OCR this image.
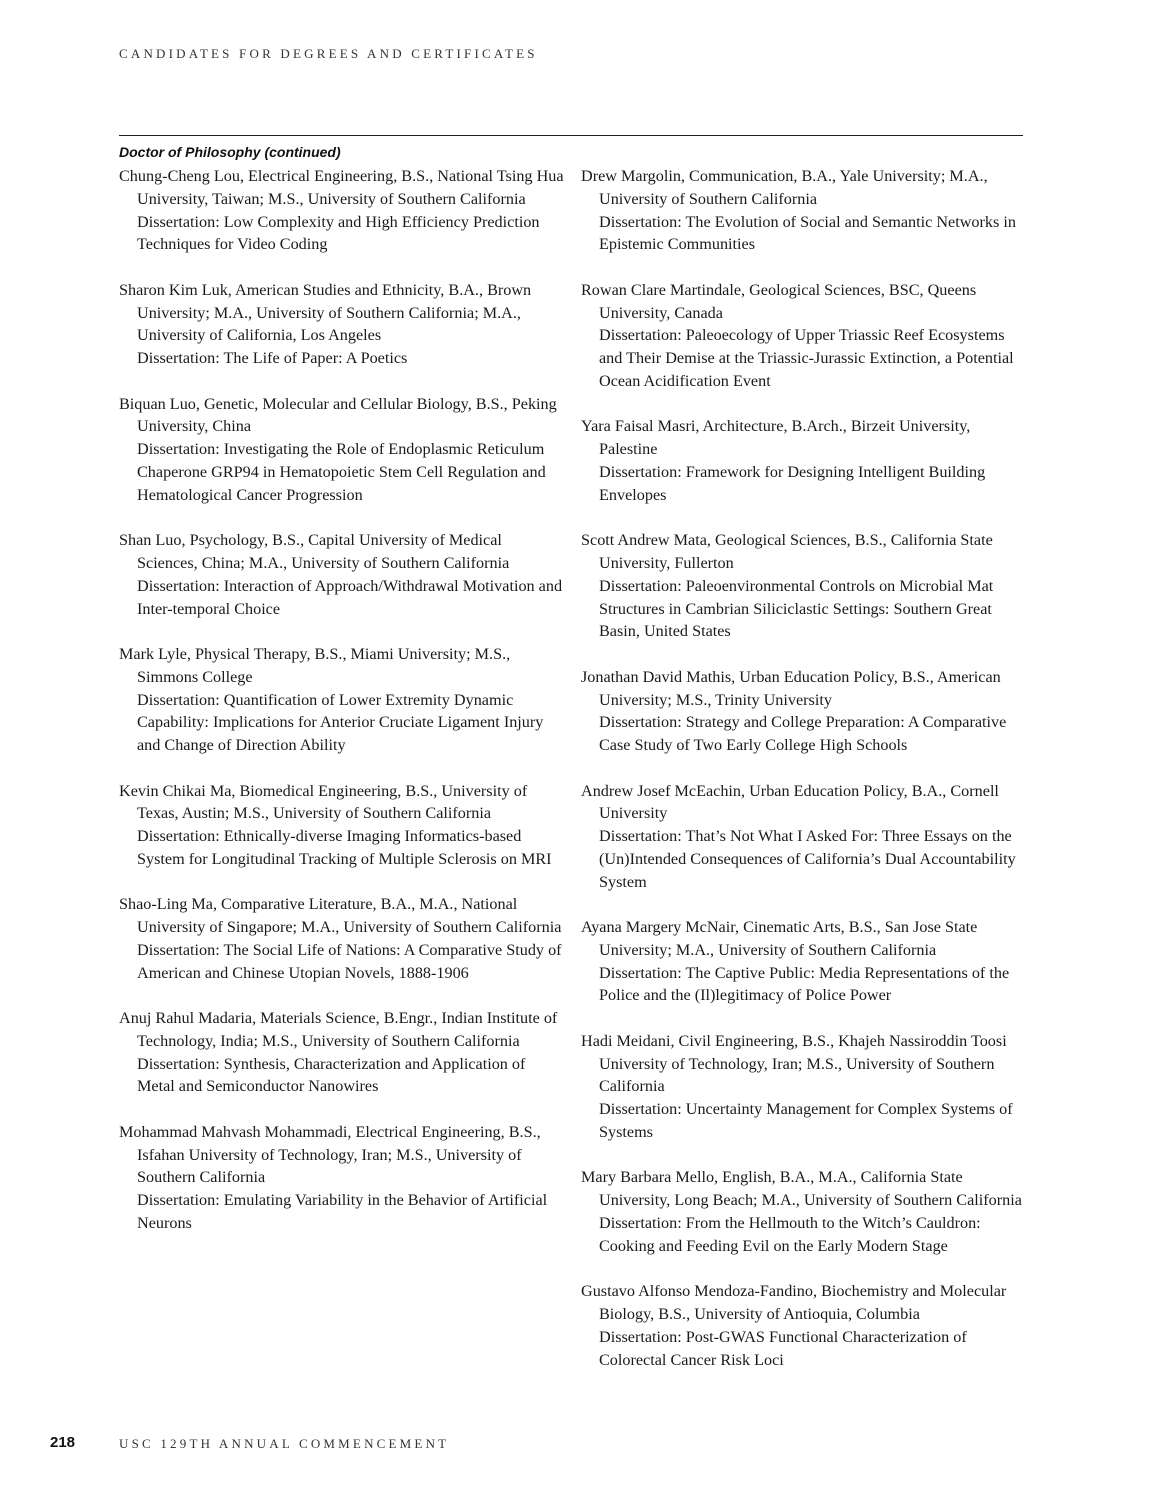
CANDIDATES FOR DEGREES AND CERTIFICATES
Doctor of Philosophy (continued)

Chung-Cheng Lou, Electrical Engineering, B.S., National Tsing Hua University, Taiwan; M.S., University of Southern California

Dissertation: Low Complexity and High Efficiency Prediction Techniques for Video Coding

Sharon Kim Luk, American Studies and Ethnicity, B.A., Brown University; M.A., University of Southern California; M.A., University of California, Los Angeles

Dissertation: The Life of Paper: A Poetics

Biquan Luo, Genetic, Molecular and Cellular Biology, B.S., Peking University, China

Dissertation: Investigating the Role of Endoplasmic Reticulum Chaperone GRP94 in Hematopoietic Stem Cell Regulation and Hematological Cancer Progression

Shan Luo, Psychology, B.S., Capital University of Medical Sciences, China; M.A., University of Southern California

Dissertation: Interaction of Approach/Withdrawal Motivation and Inter-temporal Choice

Mark Lyle, Physical Therapy, B.S., Miami University; M.S., Simmons College

Dissertation: Quantification of Lower Extremity Dynamic Capability: Implications for Anterior Cruciate Ligament Injury and Change of Direction Ability

Kevin Chikai Ma, Biomedical Engineering, B.S., University of Texas, Austin; M.S., University of Southern California

Dissertation: Ethnically-diverse Imaging Informatics-based System for Longitudinal Tracking of Multiple Sclerosis on MRI

Shao-Ling Ma, Comparative Literature, B.A., M.A., National University of Singapore; M.A., University of Southern California

Dissertation: The Social Life of Nations: A Comparative Study of American and Chinese Utopian Novels, 1888-1906

Anuj Rahul Madaria, Materials Science, B.Engr., Indian Institute of Technology, India; M.S., University of Southern California

Dissertation: Synthesis, Characterization and Application of Metal and Semiconductor Nanowires

Mohammad Mahvash Mohammadi, Electrical Engineering, B.S., Isfahan University of Technology, Iran; M.S., University of Southern California

Dissertation: Emulating Variability in the Behavior of Artificial Neurons

Drew Margolin, Communication, B.A., Yale University; M.A., University of Southern California

Dissertation: The Evolution of Social and Semantic Networks in Epistemic Communities

Rowan Clare Martindale, Geological Sciences, BSC, Queens University, Canada

Dissertation: Paleoecology of Upper Triassic Reef Ecosystems and Their Demise at the Triassic-Jurassic Extinction, a Potential Ocean Acidification Event

Yara Faisal Masri, Architecture, B.Arch., Birzeit University, Palestine

Dissertation: Framework for Designing Intelligent Building Envelopes

Scott Andrew Mata, Geological Sciences, B.S., California State University, Fullerton

Dissertation: Paleoenvironmental Controls on Microbial Mat Structures in Cambrian Siliciclastic Settings: Southern Great Basin, United States

Jonathan David Mathis, Urban Education Policy, B.S., American University; M.S., Trinity University

Dissertation: Strategy and College Preparation: A Comparative Case Study of Two Early College High Schools

Andrew Josef McEachin, Urban Education Policy, B.A., Cornell University

Dissertation: That’s Not What I Asked For: Three Essays on the (Un)Intended Consequences of California’s Dual Accountability System

Ayana Margery McNair, Cinematic Arts, B.S., San Jose State University; M.A., University of Southern California

Dissertation: The Captive Public: Media Representations of the Police and the (Il)legitimacy of Police Power

Hadi Meidani, Civil Engineering, B.S., Khajeh Nassiroddin Toosi University of Technology, Iran; M.S., University of Southern California

Dissertation: Uncertainty Management for Complex Systems of Systems

Mary Barbara Mello, English, B.A., M.A., California State University, Long Beach; M.A., University of Southern California

Dissertation: From the Hellmouth to the Witch’s Cauldron: Cooking and Feeding Evil on the Early Modern Stage

Gustavo Alfonso Mendoza-Fandino, Biochemistry and Molecular Biology, B.S., University of Antioquia, Columbia

Dissertation: Post-GWAS Functional Characterization of Colorectal Cancer Risk Loci

218	USC 129TH ANNUAL COMMENCEMENT
